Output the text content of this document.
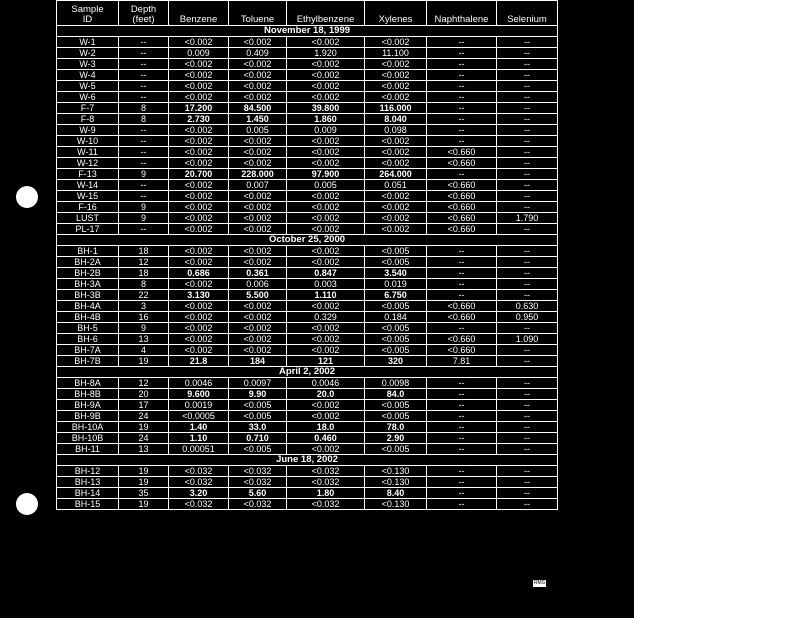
Sample
ID	Depth
(feet)	Benzene	Toluene	Ethylbenzene	Xylenes	Naphthalene	Selenium
November 18, 1999							
W-1	--	<0.002	<0.002	<0.002	<0.002	--	--
W-2	--	0.009	0.409	1.920	11.100	--	--
W-3	--	<0.002	<0.002	<0.002	<0.002	--	--
W-4	--	<0.002	<0.002	<0.002	<0.002	--	--
W-5	--	<0.002	<0.002	<0.002	<0.002	--	--
W-6	--	<0.002	<0.002	<0.002	<0.002	--	--
F-7	8	17.200	84.500	39.800	116.000	--	--
F-8	8	2.730	1.450	1.860	8.040	--	--
W-9	--	<0.002	0.005	0.009	0.098	--	--
W-10	--	<0.002	<0.002	<0.002	<0.002	--	--
W-11	--	<0.002	<0.002	<0.002	<0.002	<0.660	--
W-12	--	<0.002	<0.002	<0.002	<0.002	<0.660	--
F-13	9	20.700	228.000	97.900	264.000	--	--
W-14	--	<0.002	0.007	0.005	0.051	<0.660	--
W-15	--	<0.002	<0.002	<0.002	<0.002	<0.660	--
F-16	9	<0.002	<0.002	<0.002	<0.002	<0.660	--
LUST	9	<0.002	<0.002	<0.002	<0.002	<0.660	1.790
PL-17	--	<0.002	<0.002	<0.002	<0.002	<0.660	--
October 25, 2000							
BH-1	18	<0.002	<0.002	<0.002	<0.005	--	--
BH-2A	12	<0.002	<0.002	<0.002	<0.005	--	--
BH-2B	18	0.686	0.361	0.847	3.540	--	--
BH-3A	8	<0.002	0.006	0.003	0.019	--	--
BH-3B	22	3.130	5.500	1.110	6.750	--	--
BH-4A	3	<0.002	<0.002	<0.002	<0.005	<0.660	0.630
BH-4B	16	<0.002	<0.002	0.329	0.184	<0.660	0.950
BH-5	9	<0.002	<0.002	<0.002	<0.005	--	--
BH-6	13	<0.002	<0.002	<0.002	<0.005	<0.660	1.090
BH-7A	4	<0.002	<0.002	<0.002	<0.005	<0.660	--
BH-7B	19	21.8	184	121	320	7.81	--
April 2, 2002							
BH-8A	12	0.0046	0.0097	0.0046	0.0098	--	--
BH-8B	20	9.600	9.90	20.0	84.0	--	--
BH-9A	17	0.0019	<0.005	<0.002	<0.005	--	--
BH-9B	24	<0.0005	<0.005	<0.002	<0.005	--	--
BH-10A	19	1.40	33.0	18.0	78.0	--	--
BH-10B	24	1.10	0.710	0.460	2.90	--	--
BH-11	13	0.00051	<0.005	<0.002	<0.005	--	--
June 18, 2002							
BH-12	19	<0.032	<0.032	<0.032	<0.130	--	--
BH-13	19	<0.032	<0.032	<0.032	<0.130	--	--
BH-14	35	3.20	5.60	1.80	8.40	--	--
BH-15	19	<0.032	<0.032	<0.032	<0.130	--	--
RMS
